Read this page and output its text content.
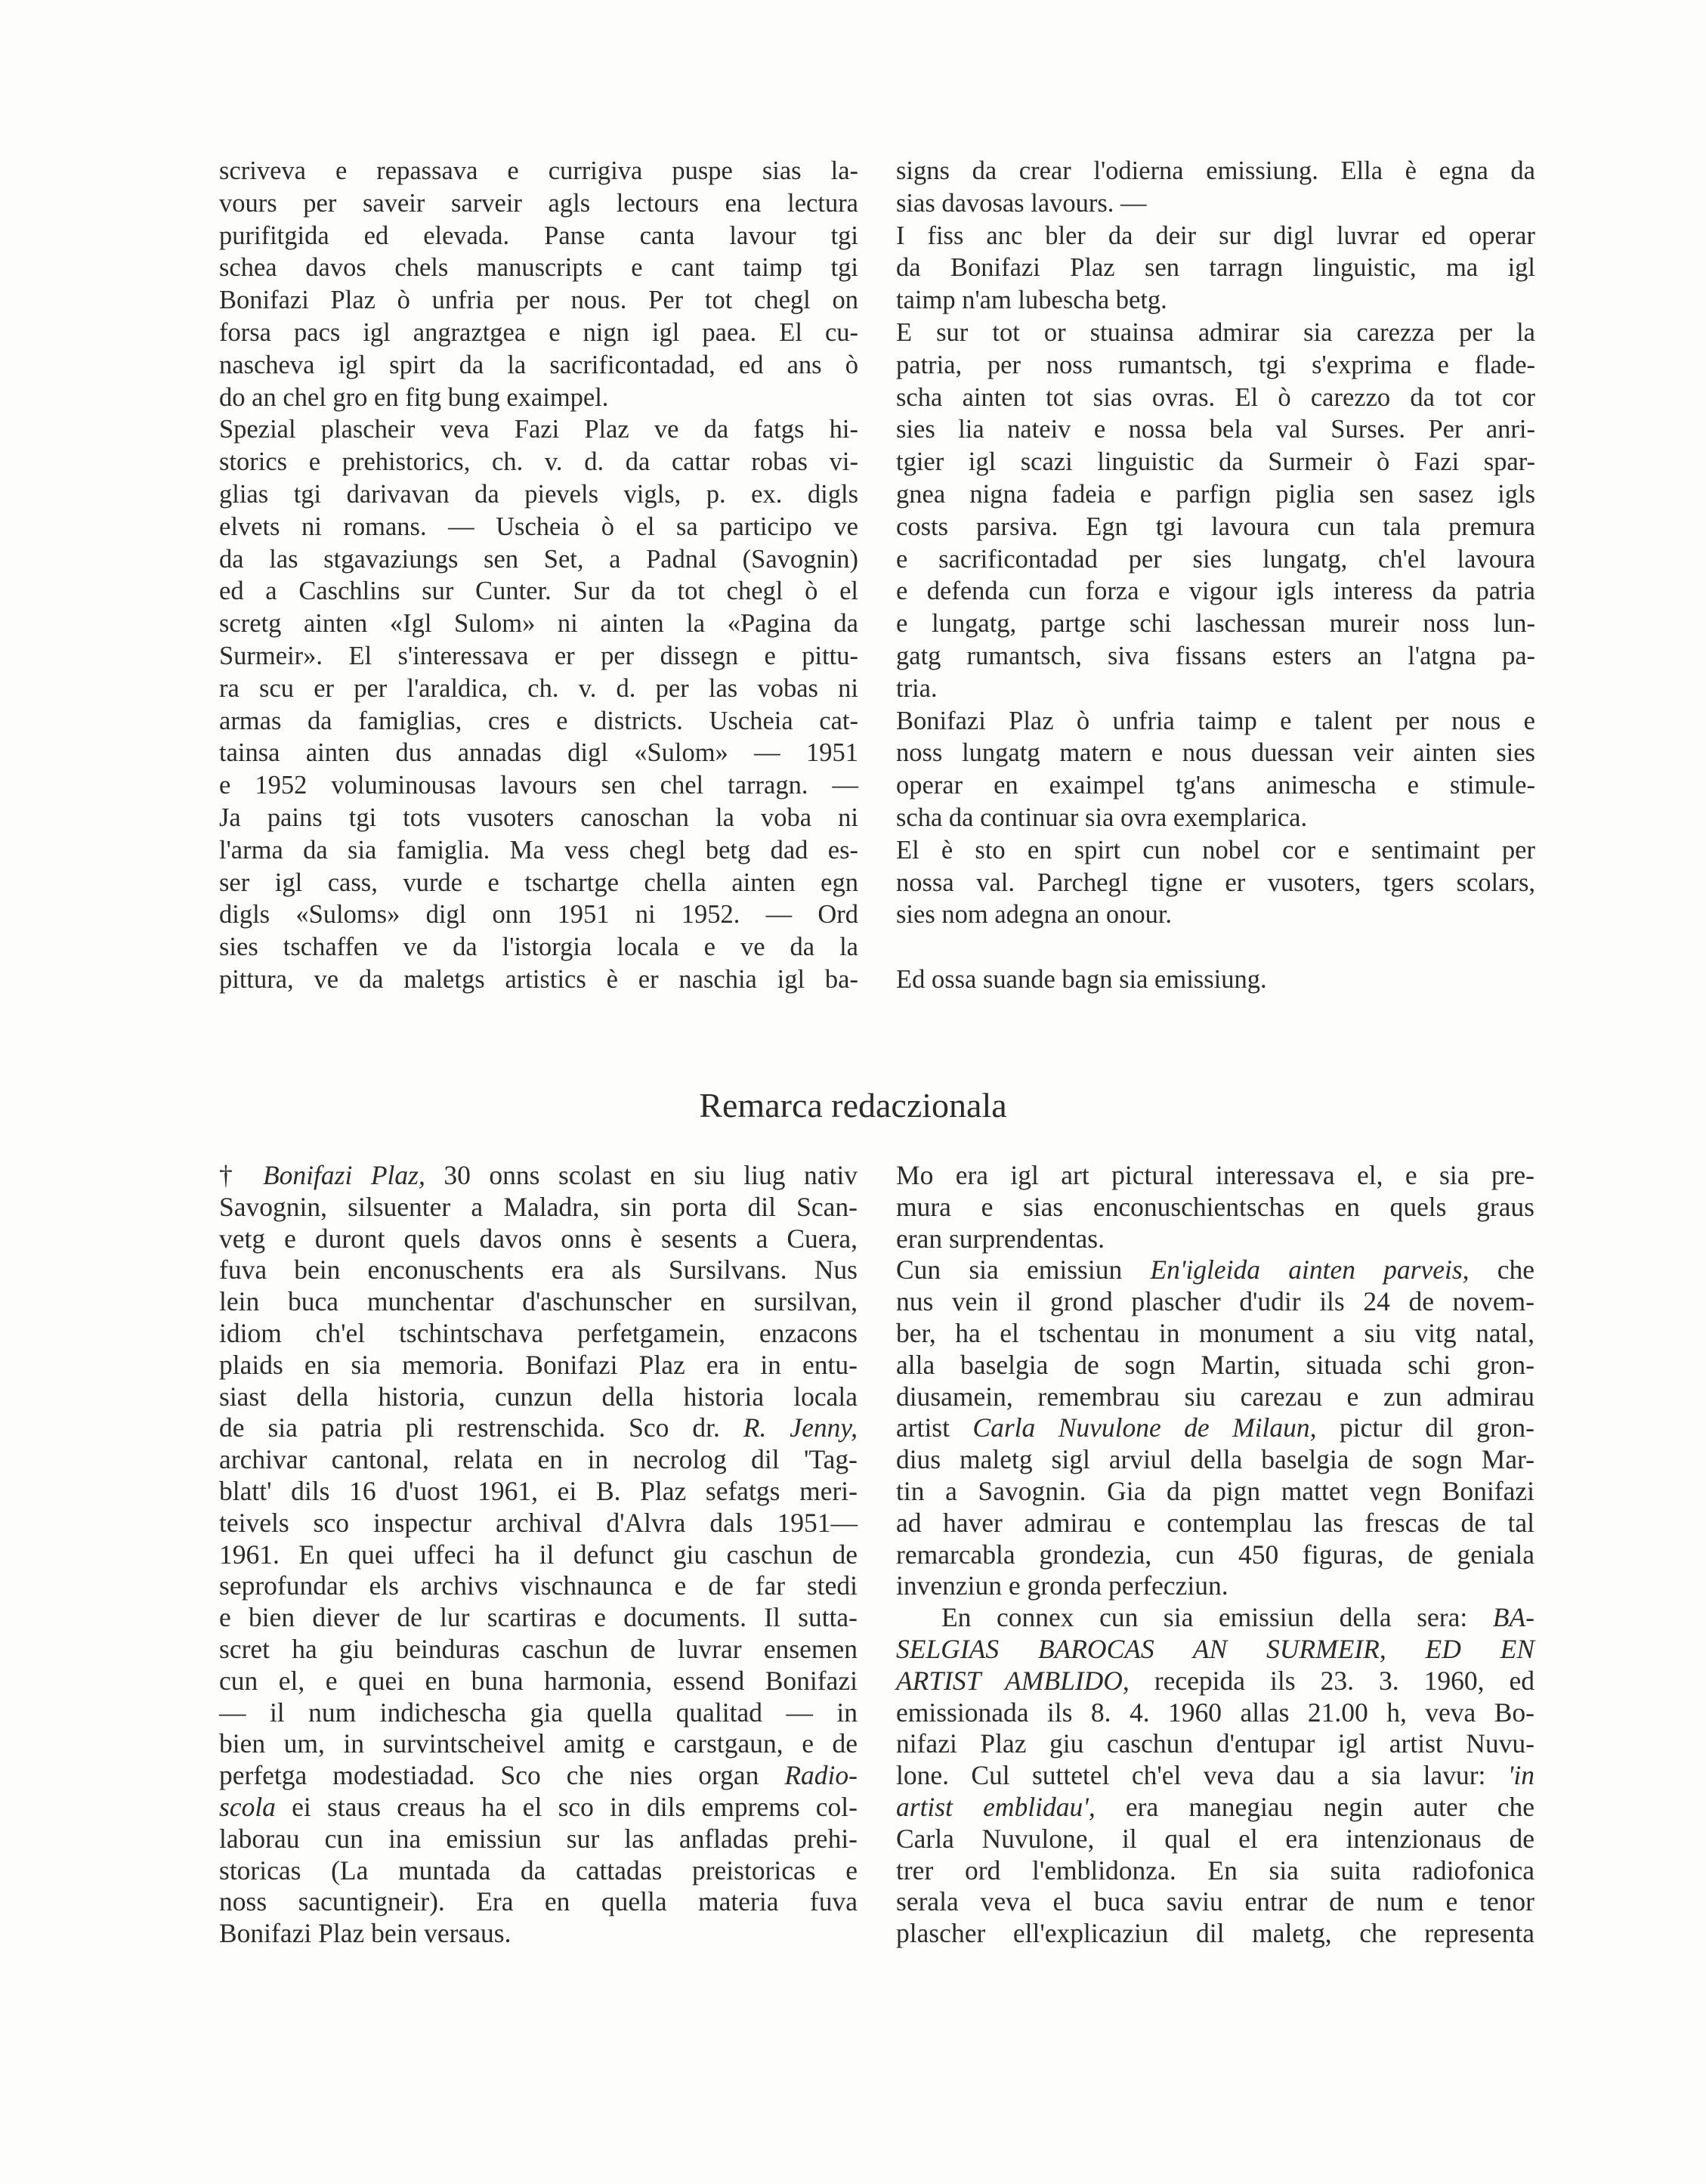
scriveva e repassava e currigiva puspe sias la-
vours per saveir sarveir agls lectours ena lectura
purifitgida ed elevada. Panse canta lavour tgi
schea davos chels manuscripts e cant taimp tgi
Bonifazi Plaz ò unfria per nous. Per tot chegl on
forsa pacs igl angraztgea e nign igl paea. El cu-
nascheva igl spirt da la sacrificontadad, ed ans ò
do an chel gro en fitg bung exaimpel.
Spezial plascheir veva Fazi Plaz ve da fatgs hi-
storics e prehistorics, ch. v. d. da cattar robas vi-
glias tgi darivavan da pievels vigls, p. ex. digls
elvets ni romans. — Uscheia ò el sa participo ve
da las stgavaziungs sen Set, a Padnal (Savognin)
ed a Caschlins sur Cunter. Sur da tot chegl ò el
scretg ainten «Igl Sulom» ni ainten la «Pagina da
Surmeir». El s'interessava er per dissegn e pittu-
ra scu er per l'araldica, ch. v. d. per las vobas ni
armas da famiglias, cres e districts. Uscheia cat-
tainsa ainten dus annadas digl «Sulom» — 1951
e 1952 voluminousas lavours sen chel tarragn. —
Ja pains tgi tots vusoters canoschan la voba ni
l'arma da sia famiglia. Ma vess chegl betg dad es-
ser igl cass, vurde e tschartge chella ainten egn
digls «Suloms» digl onn 1951 ni 1952. — Ord
sies tschaffen ve da l'istorgia locala e ve da la
pittura, ve da maletgs artistics è er naschia igl ba-
signs da crear l'odierna emissiung. Ella è egna da
sias davosas lavours. —
I fiss anc bler da deir sur digl luvrar ed operar
da Bonifazi Plaz sen tarragn linguistic, ma igl
taimp n'am lubescha betg.
E sur tot or stuainsa admirar sia carezza per la
patria, per noss rumantsch, tgi s'exprima e flade-
scha ainten tot sias ovras. El ò carezzo da tot cor
sies lia nateiv e nossa bela val Surses. Per anri-
tgier igl scazi linguistic da Surmeir ò Fazi spar-
gnea nigna fadeia e parfign piglia sen sasez igls
costs parsiva. Egn tgi lavoura cun tala premura
e sacrificontadad per sies lungatg, ch'el lavoura
e defenda cun forza e vigour igls interess da patria
e lungatg, partge schi laschessan mureir noss lun-
gatg rumantsch, siva fissans esters an l'atgna pa-
tria.
Bonifazi Plaz ò unfria taimp e talent per nous e
noss lungatg matern e nous duessan veir ainten sies
operar en exaimpel tg'ans animescha e stimule-
scha da continuar sia ovra exemplarica.
El è sto en spirt cun nobel cor e sentimaint per
nossa val. Parchegl tigne er vusoters, tgers scolars,
sies nom adegna an onour.
Ed ossa suande bagn sia emissiung.
Remarca redaczionala
† Bonifazi Plaz, 30 onns scolast en siu liug nativ
Savognin, silsuenter a Maladra, sin porta dil Scan-
vetg e duront quels davos onns è sesents a Cuera,
fuva bein enconuschents era als Sursilvans. Nus
lein buca munchentar d'aschunscher en sursilvan,
idiom ch'el tschintschava perfetgamein, enzacons
plaids en sia memoria. Bonifazi Plaz era in entu-
siast della historia, cunzun della historia locala
de sia patria pli restrenschida. Sco dr. R. Jenny,
archivar cantonal, relata en in necrolog dil 'Tag-
blatt' dils 16 d'uost 1961, ei B. Plaz sefatgs meri-
teivels sco inspectur archival d'Alvra dals 1951—
1961. En quei uffeci ha il defunct giu caschun de
seprofundar els archivs vischnaunca e de far stedi
e bien diever de lur scartiras e documents. Il sutta-
scret ha giu beinduras caschun de luvrar ensemen
cun el, e quei en buna harmonia, essend Bonifazi
— il num indichescha gia quella qualitad — in
bien um, in survintscheivel amitg e carstgaun, e de
perfetga modestiadad. Sco che nies organ Radio-
scola ei staus creaus ha el sco in dils emprems col-
laborau cun ina emissiun sur las anfladas prehi-
storicas (La muntada da cattadas preistoricas e
noss sacuntigneir). Era en quella materia fuva
Bonifazi Plaz bein versaus.
Mo era igl art pictural interessava el, e sia pre-
mura e sias enconuschientschas en quels graus
eran surprendentas.
Cun sia emissiun En'igleida ainten parveis, che
nus vein il grond plascher d'udir ils 24 de novem-
ber, ha el tschentau in monument a siu vitg natal,
alla baselgia de sogn Martin, situada schi gron-
diusamein, remembrau siu carezau e zun admirau
artist Carla Nuvulone de Milaun, pictur dil gron-
dius maletg sigl arviul della baselgia de sogn Mar-
tin a Savognin. Gia da pign mattet vegn Bonifazi
ad haver admirau e contemplau las frescas de tal
remarcabla grondezia, cun 450 figuras, de geniala
invenziun e gronda perfecziun.
En connex cun sia emissiun della sera: BA-
SELGIAS BAROCAS AN SURMEIR, ED EN
ARTIST AMBLIDO, recepida ils 23. 3. 1960, ed
emissionada ils 8. 4. 1960 allas 21.00 h, veva Bo-
nifazi Plaz giu caschun d'entupar igl artist Nuvu-
lone. Cul suttetel ch'el veva dau a sia lavur: 'in
artist emblidau', era manegiau negin auter che
Carla Nuvulone, il qual el era intenzionaus de
trer ord l'emblidonza. En sia suita radiofonica
serala veva el buca saviu entrar de num e tenor
plascher ell'explicaziun dil maletg, che representa
